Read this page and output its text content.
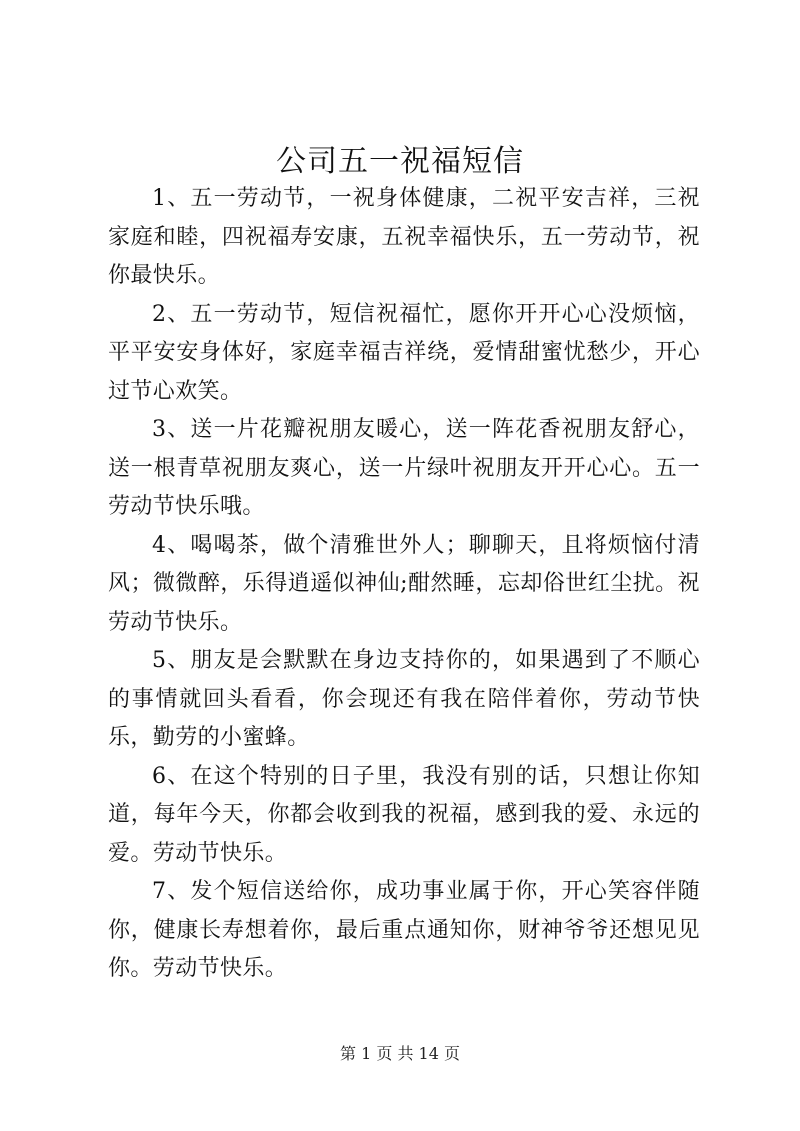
公司五一祝福短信

1、五一劳动节，一祝身体健康，二祝平安吉祥，三祝家庭和睦，四祝福寿安康，五祝幸福快乐，五一劳动节，祝你最快乐。

2、五一劳动节，短信祝福忙，愿你开开心心没烦恼，平平安安身体好，家庭幸福吉祥绕，爱情甜蜜忧愁少，开心过节心欢笑。

3、送一片花瓣祝朋友暖心，送一阵花香祝朋友舒心，送一根青草祝朋友爽心，送一片绿叶祝朋友开开心心。五一劳动节快乐哦。

4、喝喝茶，做个清雅世外人；聊聊天，且将烦恼付清风；微微醉，乐得逍遥似神仙;酣然睡，忘却俗世红尘扰。祝劳动节快乐。

5、朋友是会默默在身边支持你的，如果遇到了不顺心的事情就回头看看，你会现还有我在陪伴着你，劳动节快乐，勤劳的小蜜蜂。

6、在这个特别的日子里，我没有别的话，只想让你知道，每年今天，你都会收到我的祝福，感到我的爱、永远的爱。劳动节快乐。

7、发个短信送给你，成功事业属于你，开心笑容伴随你，健康长寿想着你，最后重点通知你，财神爷爷还想见见你。劳动节快乐。

第 1 页 共 14 页
